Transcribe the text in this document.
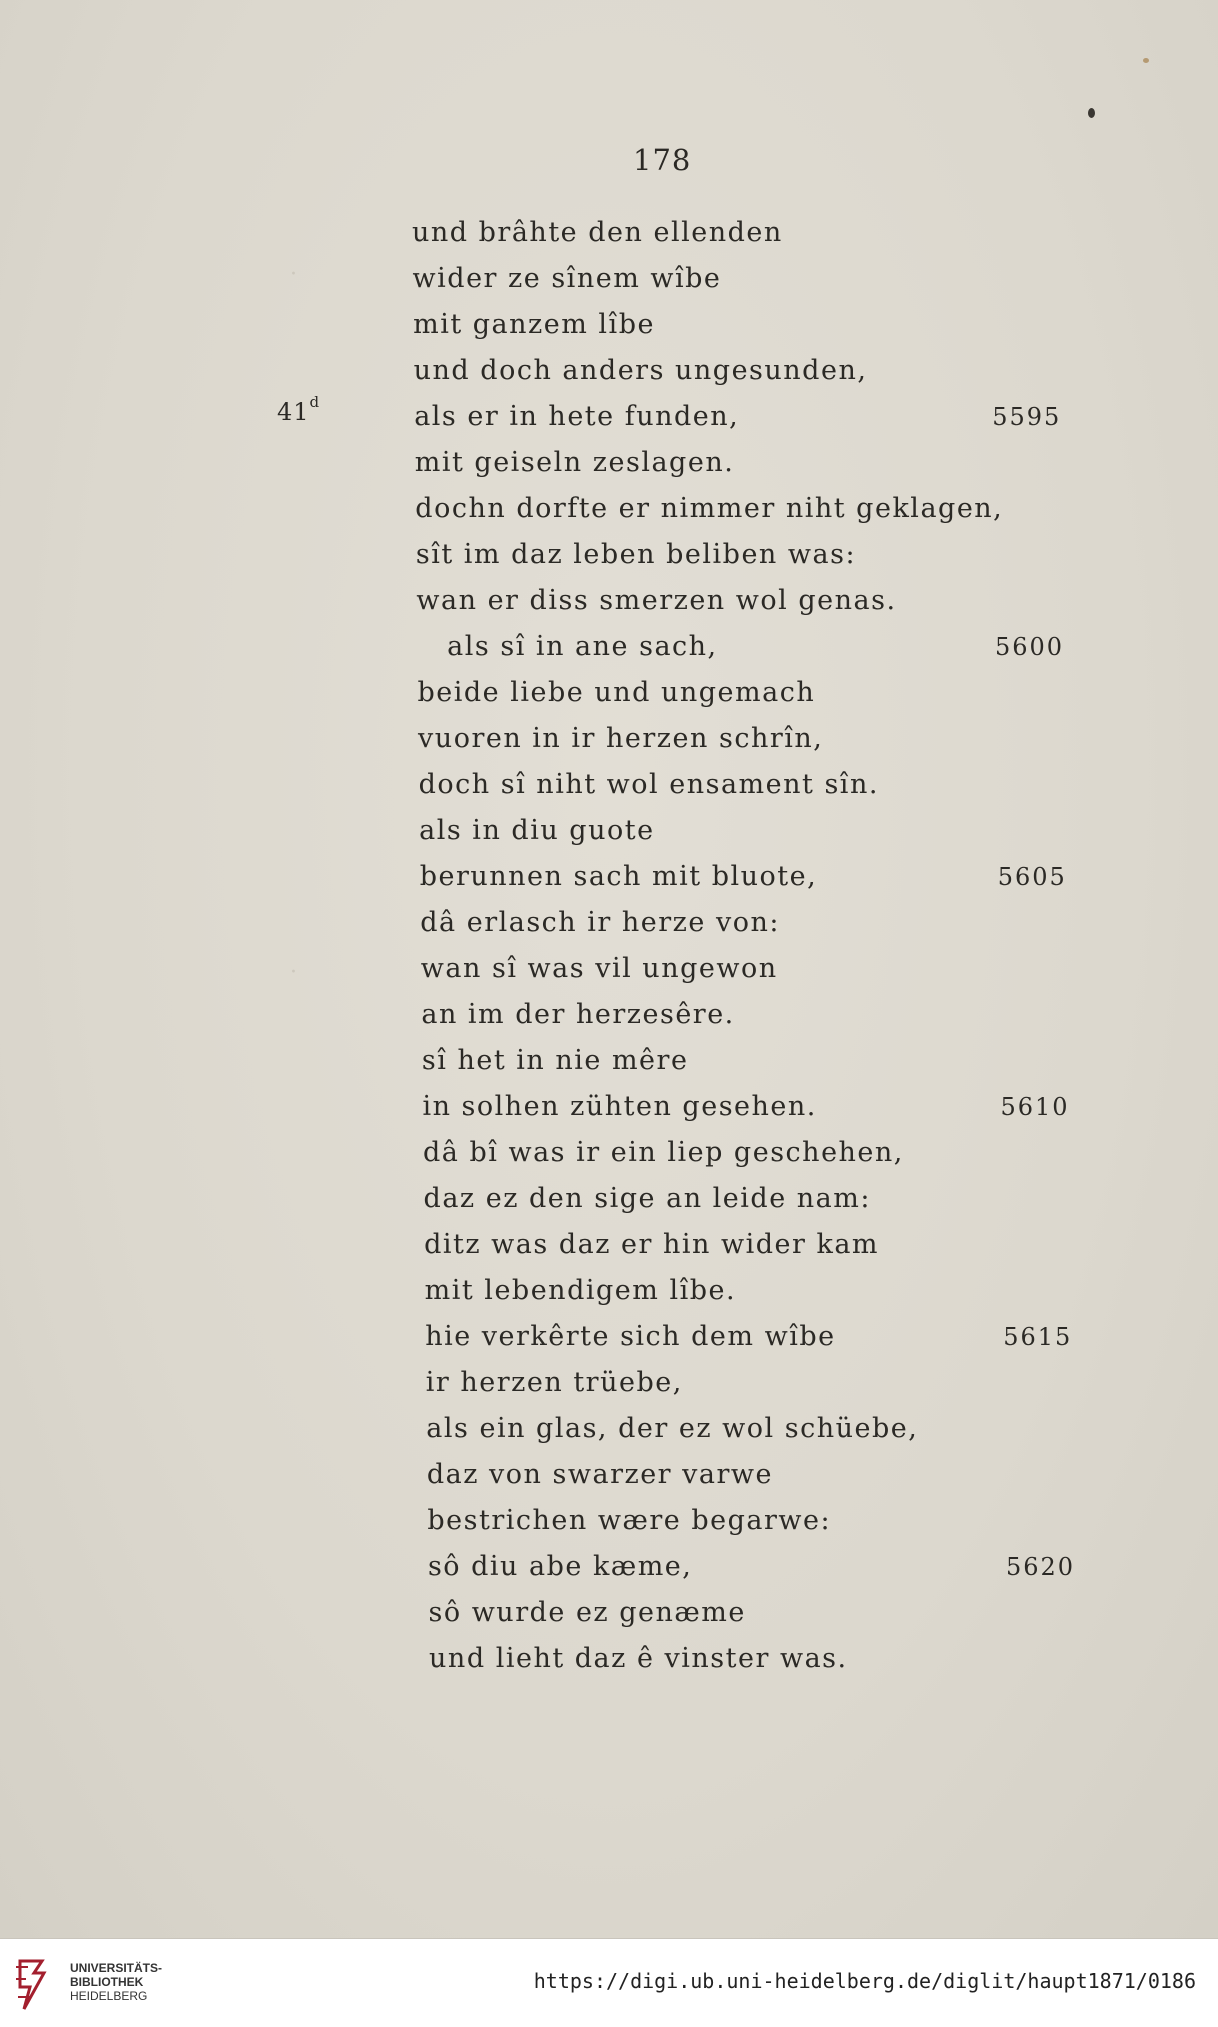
·
·
178
41$^d$
und brâhte den ellenden
wider ze sînem wîbe
mit ganzem lîbe
und doch anders ungesunden,
als er in hete funden,	5595
mit geiseln zeslagen.
dochn dorfte er nimmer niht geklagen,
sît im daz leben beliben was:
wan er diss smerzen wol genas.
als sî in ane sach,	5600
beide liebe und ungemach
vuoren in ir herzen schrîn,
doch sî niht wol ensament sîn.
als in diu guote
berunnen sach mit bluote,	5605
dâ erlasch ir herze von:
wan sî was vil ungewon
an im der herzesêre.
sî het in nie mêre
in solhen zühten gesehen.	5610
dâ bî was ir ein liep geschehen,
daz ez den sige an leide nam:
ditz was daz er hin wider kam
mit lebendigem lîbe.
hie verkêrte sich dem wîbe	5615
ir herzen trüebe,
als ein glas, der ez wol schüebe,
daz von swarzer varwe
bestrichen wære begarwe:
sô diu abe kæme,	5620
sô wurde ez genæme
und lieht daz ê vinster was.
UNIVERSITÄTS-
BIBLIOTHEK
HEIDELBERG
https://digi.ub.uni-heidelberg.de/diglit/haupt1871/0186
